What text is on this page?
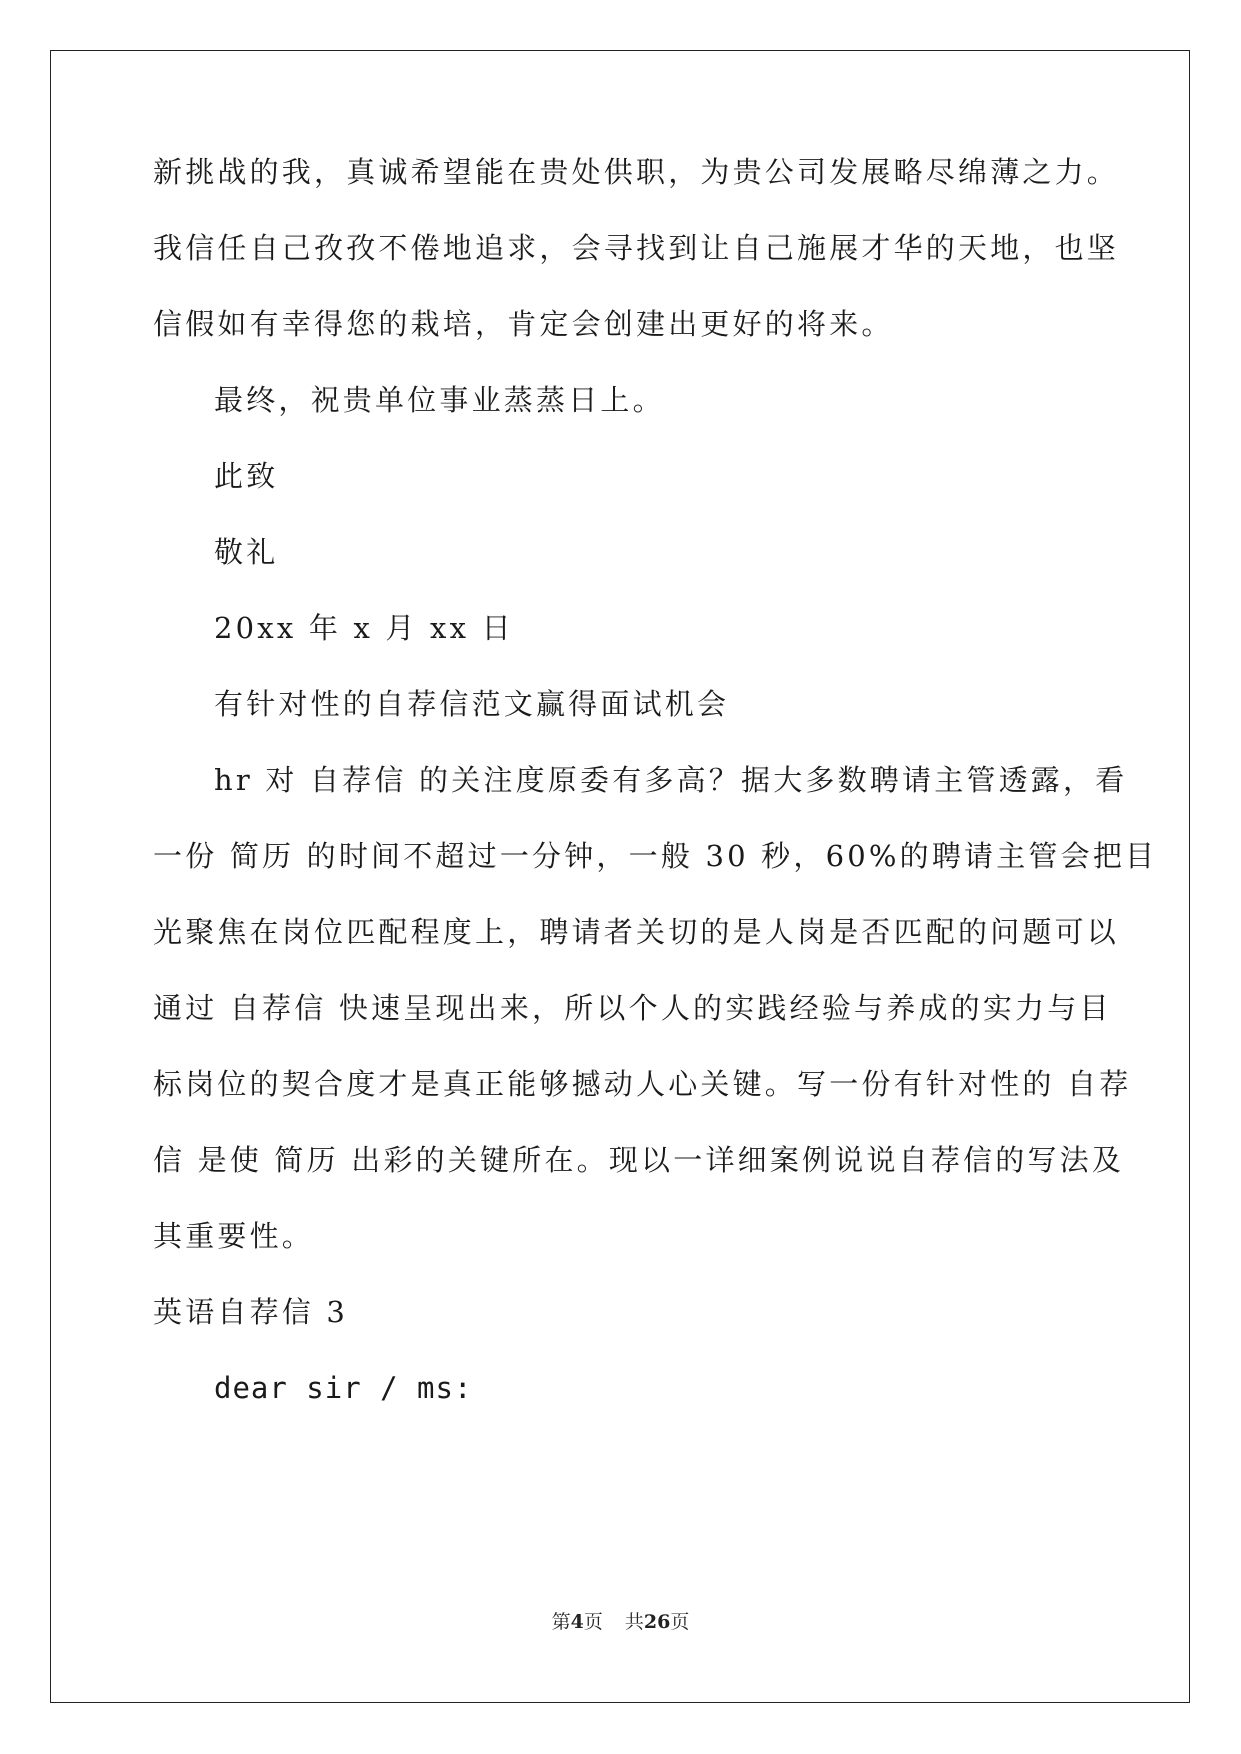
新挑战的我，真诚希望能在贵处供职，为贵公司发展略尽绵薄之力。
我信任自己孜孜不倦地追求，会寻找到让自己施展才华的天地，也坚
信假如有幸得您的栽培，肯定会创建出更好的将来。
最终，祝贵单位事业蒸蒸日上。
此致
敬礼
20xx 年 x 月 xx 日
有针对性的自荐信范文赢得面试机会
hr 对 自荐信 的关注度原委有多高？据大多数聘请主管透露，看
一份 简历 的时间不超过一分钟，一般 30 秒，60%的聘请主管会把目
光聚焦在岗位匹配程度上，聘请者关切的是人岗是否匹配的问题可以
通过 自荐信 快速呈现出来，所以个人的实践经验与养成的实力与目
标岗位的契合度才是真正能够撼动人心关键。写一份有针对性的 自荐
信 是使 简历 出彩的关键所在。现以一详细案例说说自荐信的写法及
其重要性。
英语自荐信 3
dear sir / ms:
第4页 共26页
